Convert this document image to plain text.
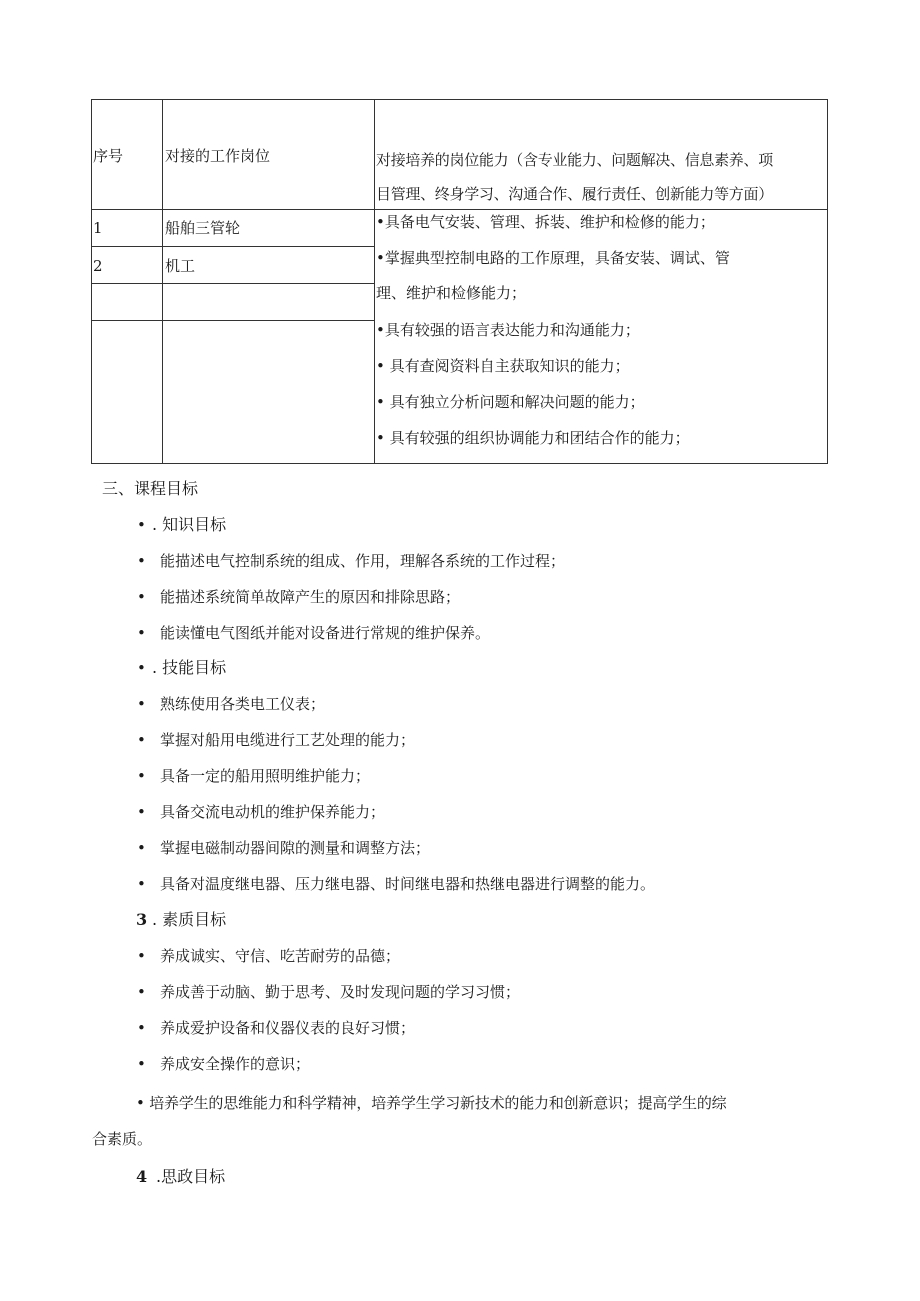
序号	对接的工作岗位	对接培养的岗位能力（含专业能力、问题解决、信息素养、项
目管理、终身学习、沟通合作、履行责任、创新能力等方面）
1	船舶三管轮
2	机工
•具备电气安装、管理、拆装、维护和检修的能力；
•掌握典型控制电路的工作原理，具备安装、调试、管
理、维护和检修能力；
•具有较强的语言表达能力和沟通能力；
• 具有查阅资料自主获取知识的能力；
• 具有独立分析问题和解决问题的能力；
• 具有较强的组织协调能力和团结合作的能力；
三、课程目标
• . 知识目标
• 能描述电气控制系统的组成、作用，理解各系统的工作过程；
• 能描述系统简单故障产生的原因和排除思路；
• 能读懂电气图纸并能对设备进行常规的维护保养。
• . 技能目标
• 熟练使用各类电工仪表；
• 掌握对船用电缆进行工艺处理的能力；
• 具备一定的船用照明维护能力；
• 具备交流电动机的维护保养能力；
• 掌握电磁制动器间隙的测量和调整方法；
• 具备对温度继电器、压力继电器、时间继电器和热继电器进行调整的能力。
3 . 素质目标
• 养成诚实、守信、吃苦耐劳的品德；
• 养成善于动脑、勤于思考、及时发现问题的学习习惯；
• 养成爱护设备和仪器仪表的良好习惯；
• 养成安全操作的意识；
• 培养学生的思维能力和科学精神，培养学生学习新技术的能力和创新意识；提高学生的综
合素质。
4 .思政目标
